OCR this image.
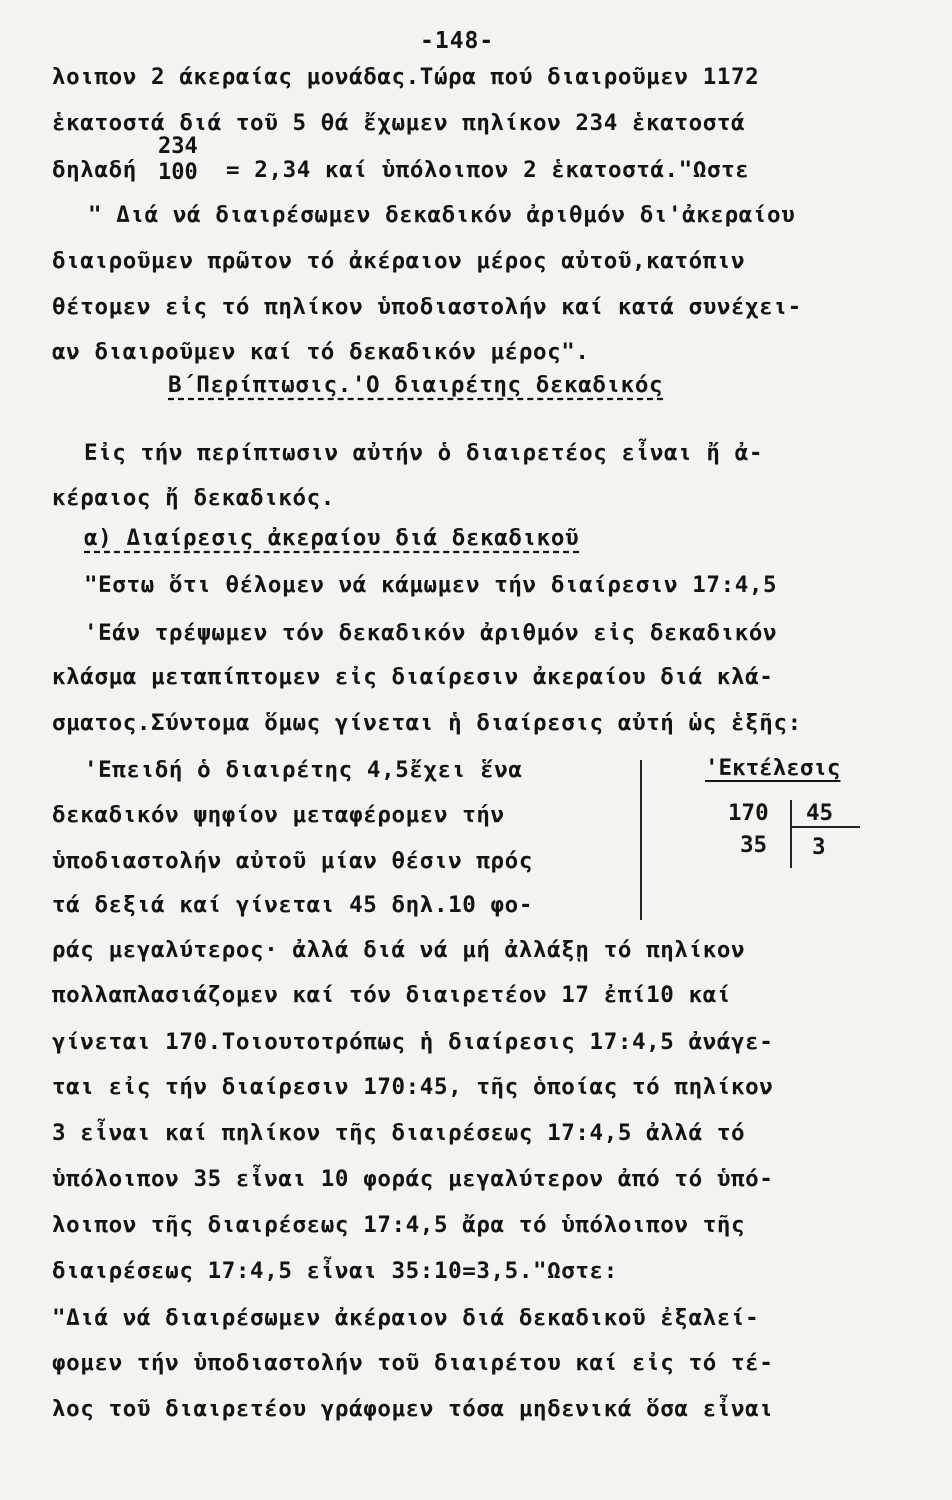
-148-
λοιπον 2 άκεραίας μονάδας.Τώρα πού διαιροῦμεν 1172
ἑκατοστά διά τοῦ 5 θά ἔχωμεν πηλίκον 234 ἑκατοστά
δηλαδή
234
100 = 2,34 καί ὑπόλοιπον 2 ἑκατοστά."Ωστε
" Διά νά διαιρέσωμεν δεκαδικόν ἀριθμόν δι'ἀκεραίου
διαιροῦμεν πρῶτον τό ἀκέραιον μέρος αὐτοῦ,κατόπιν
θέτομεν εἰς τό πηλίκον ὑποδιαστολήν καί κατά συνέχει-
αν διαιροῦμεν καί τό δεκαδικόν μέρος".
Β΄Περίπτωσις.'Ο διαιρέτης δεκαδικός
Εἰς τήν περίπτωσιν αὐτήν ὁ διαιρετέος εἶναι ἤ ἀ-
κέραιος ἤ δεκαδικός.
α) Διαίρεσις ἀκεραίου διά δεκαδικοῦ
"Εστω ὅτι θέλομεν νά κάμωμεν τήν διαίρεσιν 17:4,5
'Εάν τρέψωμεν τόν δεκαδικόν ἀριθμόν εἰς δεκαδικόν
κλάσμα μεταπίπτομεν εἰς διαίρεσιν ἀκεραίου διά κλά-
σματος.Σύντομα ὅμως γίνεται ἡ διαίρεσις αὐτή ὡς ἑξῆς:
'Επειδή ὁ διαιρέτης 4,5ἔχει ἕνα
δεκαδικόν ψηφίον μεταφέρομεν τήν
ὑποδιαστολήν αὐτοῦ μίαν θέσιν πρός
τά δεξιά καί γίνεται 45 δηλ.10 φο-
'Εκτέλεσις
170 45
35 3
ράς μεγαλύτερος· ἀλλά διά νά μή ἀλλάξῃ τό πηλίκον
πολλαπλασιάζομεν καί τόν διαιρετέον 17 ἐπί10 καί
γίνεται 170.Τοιουτοτρόπως ἡ διαίρεσις 17:4,5 ἀνάγε-
ται εἰς τήν διαίρεσιν 170:45, τῆς ὁποίας τό πηλίκον
3 εἶναι καί πηλίκον τῆς διαιρέσεως 17:4,5 ἀλλά τό
ὑπόλοιπον 35 εἶναι 10 φοράς μεγαλύτερον ἀπό τό ὑπό-
λοιπον τῆς διαιρέσεως 17:4,5 ἄρα τό ὑπόλοιπον τῆς
διαιρέσεως 17:4,5 εἶναι 35:10=3,5."Ωστε:
"Διά νά διαιρέσωμεν ἀκέραιον διά δεκαδικοῦ ἐξαλεί-
φομεν τήν ὑποδιαστολήν τοῦ διαιρέτου καί εἰς τό τέ-
λος τοῦ διαιρετέου γράφομεν τόσα μηδενικά ὅσα εἶναι
